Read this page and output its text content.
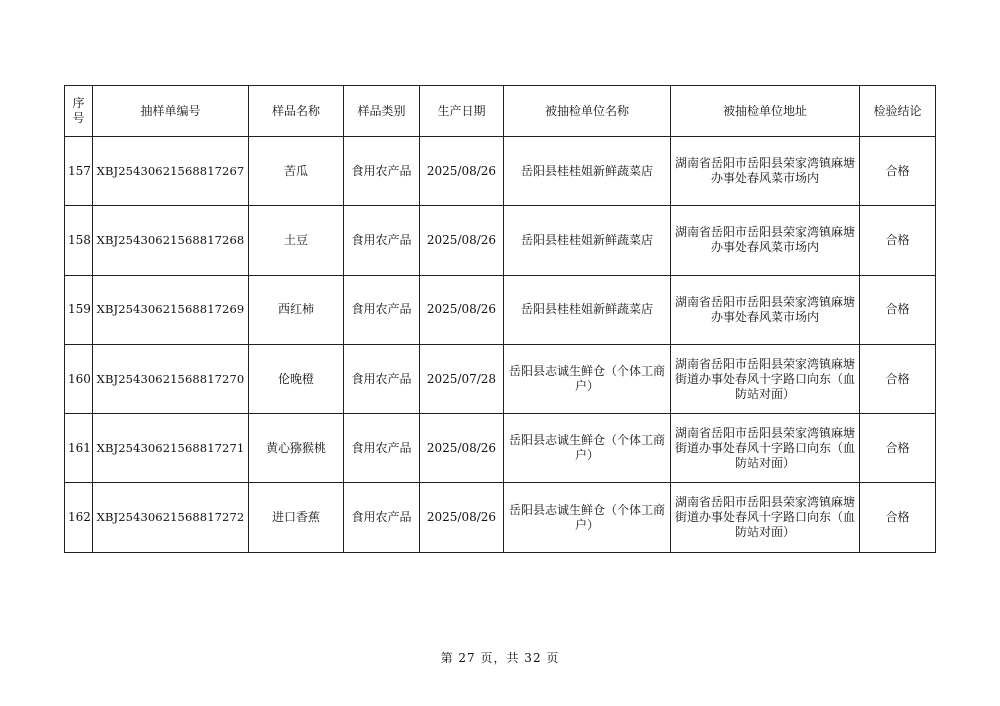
序号	抽样单编号	样品名称	样品类别	生产日期	被抽检单位名称	被抽检单位地址	检验结论
157	XBJ25430621568817267	苦瓜	食用农产品	2025/08/26	岳阳县桂桂姐新鲜蔬菜店	湖南省岳阳市岳阳县荣家湾镇麻塘办事处春风菜市场内	合格
158	XBJ25430621568817268	土豆	食用农产品	2025/08/26	岳阳县桂桂姐新鲜蔬菜店	湖南省岳阳市岳阳县荣家湾镇麻塘办事处春风菜市场内	合格
159	XBJ25430621568817269	西红柿	食用农产品	2025/08/26	岳阳县桂桂姐新鲜蔬菜店	湖南省岳阳市岳阳县荣家湾镇麻塘办事处春风菜市场内	合格
160	XBJ25430621568817270	伦晚橙	食用农产品	2025/07/28	岳阳县志诚生鲜仓（个体工商户）	湖南省岳阳市岳阳县荣家湾镇麻塘街道办事处春风十字路口向东（血防站对面）	合格
161	XBJ25430621568817271	黄心猕猴桃	食用农产品	2025/08/26	岳阳县志诚生鲜仓（个体工商户）	湖南省岳阳市岳阳县荣家湾镇麻塘街道办事处春风十字路口向东（血防站对面）	合格
162	XBJ25430621568817272	进口香蕉	食用农产品	2025/08/26	岳阳县志诚生鲜仓（个体工商户）	湖南省岳阳市岳阳县荣家湾镇麻塘街道办事处春风十字路口向东（血防站对面）	合格
第 27 页，共 32 页
